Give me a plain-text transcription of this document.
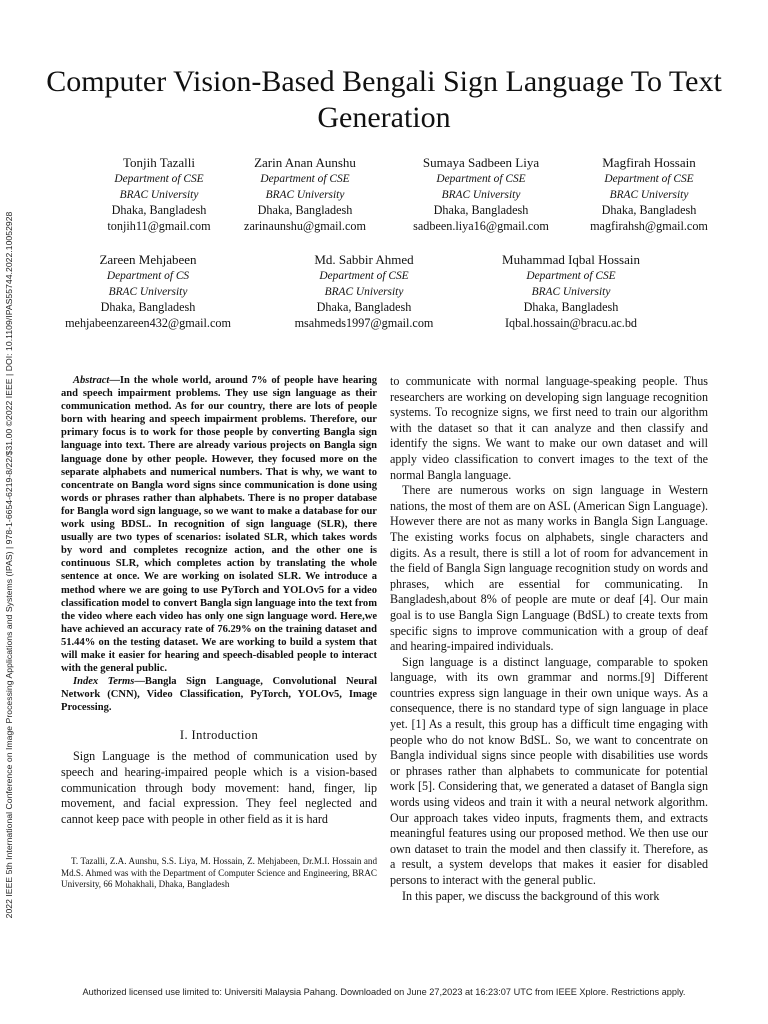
2022 IEEE 5th International Conference on Image Processing Applications and Systems (IPAS) | 978-1-6654-6219-8/22/$31.00 ©2022 IEEE | DOI: 10.1109/IPAS55744.2022.10052928
Computer Vision-Based Bengali Sign Language To Text Generation
Tonjih Tazalli
Department of CSE
BRAC University
Dhaka, Bangladesh
tonjih11@gmail.com
Zarin Anan Aunshu
Department of CSE
BRAC University
Dhaka, Bangladesh
zarinaunshu@gmail.com
Sumaya Sadbeen Liya
Department of CSE
BRAC University
Dhaka, Bangladesh
sadbeen.liya16@gmail.com
Magfirah Hossain
Department of CSE
BRAC University
Dhaka, Bangladesh
magfirahsh@gmail.com
Zareen Mehjabeen
Department of CS
BRAC University
Dhaka, Bangladesh
mehjabeenzareen432@gmail.com
Md. Sabbir Ahmed
Department of CSE
BRAC University
Dhaka, Bangladesh
msahmeds1997@gmail.com
Muhammad Iqbal Hossain
Department of CSE
BRAC University
Dhaka, Bangladesh
Iqbal.hossain@bracu.ac.bd

Abstract—In the whole world, around 7% of people have hearing and speech impairment problems. They use sign language as their communication method. As for our country, there are lots of people born with hearing and speech impairment problems. Therefore, our primary focus is to work for those people by converting Bangla sign language into text. There are already various projects on Bangla sign language done by other people. However, they focused more on the separate alphabets and numerical numbers. That is why, we want to concentrate on Bangla word signs since communication is done using words or phrases rather than alphabets. There is no proper database for Bangla word sign language, so we want to make a database for our work using BDSL. In recognition of sign language (SLR), there usually are two types of scenarios: isolated SLR, which takes words by word and completes recognize action, and the other one is continuous SLR, which completes action by translating the whole sentence at once. We are working on isolated SLR. We introduce a method where we are going to use PyTorch and YOLOv5 for a video classification model to convert Bangla sign language into the text from the video where each video has only one sign language word. Here,we have achieved an accuracy rate of 76.29% on the training dataset and 51.44% on the testing dataset. We are working to build a system that will make it easier for hearing and speech-disabled people to interact with the general public.

Index Terms—Bangla Sign Language, Convolutional Neural Network (CNN), Video Classification, PyTorch, YOLOv5, Image Processing.

I. Introduction

Sign Language is the method of communication used by speech and hearing-impaired people which is a vision-based communication through body movement: hand, finger, lip movement, and facial expression. They feel neglected and cannot keep pace with people in other field as it is hard

T. Tazalli, Z.A. Aunshu, S.S. Liya, M. Hossain, Z. Mehjabeen, Dr.M.I. Hossain and Md.S. Ahmed was with the Department of Computer Science and Engineering, BRAC University, 66 Mohakhali, Dhaka, Bangladesh

to communicate with normal language-speaking people. Thus researchers are working on developing sign language recognition systems. To recognize signs, we first need to train our algorithm with the dataset so that it can analyze and then classify and identify the signs. We want to make our own dataset and will apply video classification to convert images to the text of the normal Bangla language.

There are numerous works on sign language in Western nations, the most of them are on ASL (American Sign Language). However there are not as many works in Bangla Sign Language. The existing works focus on alphabets, single characters and digits. As a result, there is still a lot of room for advancement in the field of Bangla Sign language recognition study on words and phrases, which are essential for communicating. In Bangladesh,about 8% of people are mute or deaf [4]. Our main goal is to use Bangla Sign Language (BdSL) to create texts from specific signs to improve communication with a group of deaf and hearing-impaired individuals.

Sign language is a distinct language, comparable to spoken language, with its own grammar and norms.[9] Different countries express sign language in their own unique ways. As a consequence, there is no standard type of sign language in place yet. [1] As a result, this group has a difficult time engaging with people who do not know BdSL. So, we want to concentrate on Bangla individual signs since people with disabilities use words or phrases rather than alphabets to communicate for potential work [5]. Considering that, we generated a dataset of Bangla sign words using videos and train it with a neural network algorithm. Our approach takes video inputs, fragments them, and extracts meaningful features using our proposed method. We then use our own dataset to train the model and then classify it. Therefore, as a result, a system develops that makes it easier for disabled persons to interact with the general public.

In this paper, we discuss the background of this work

Authorized licensed use limited to: Universiti Malaysia Pahang. Downloaded on June 27,2023 at 16:23:07 UTC from IEEE Xplore. Restrictions apply.
